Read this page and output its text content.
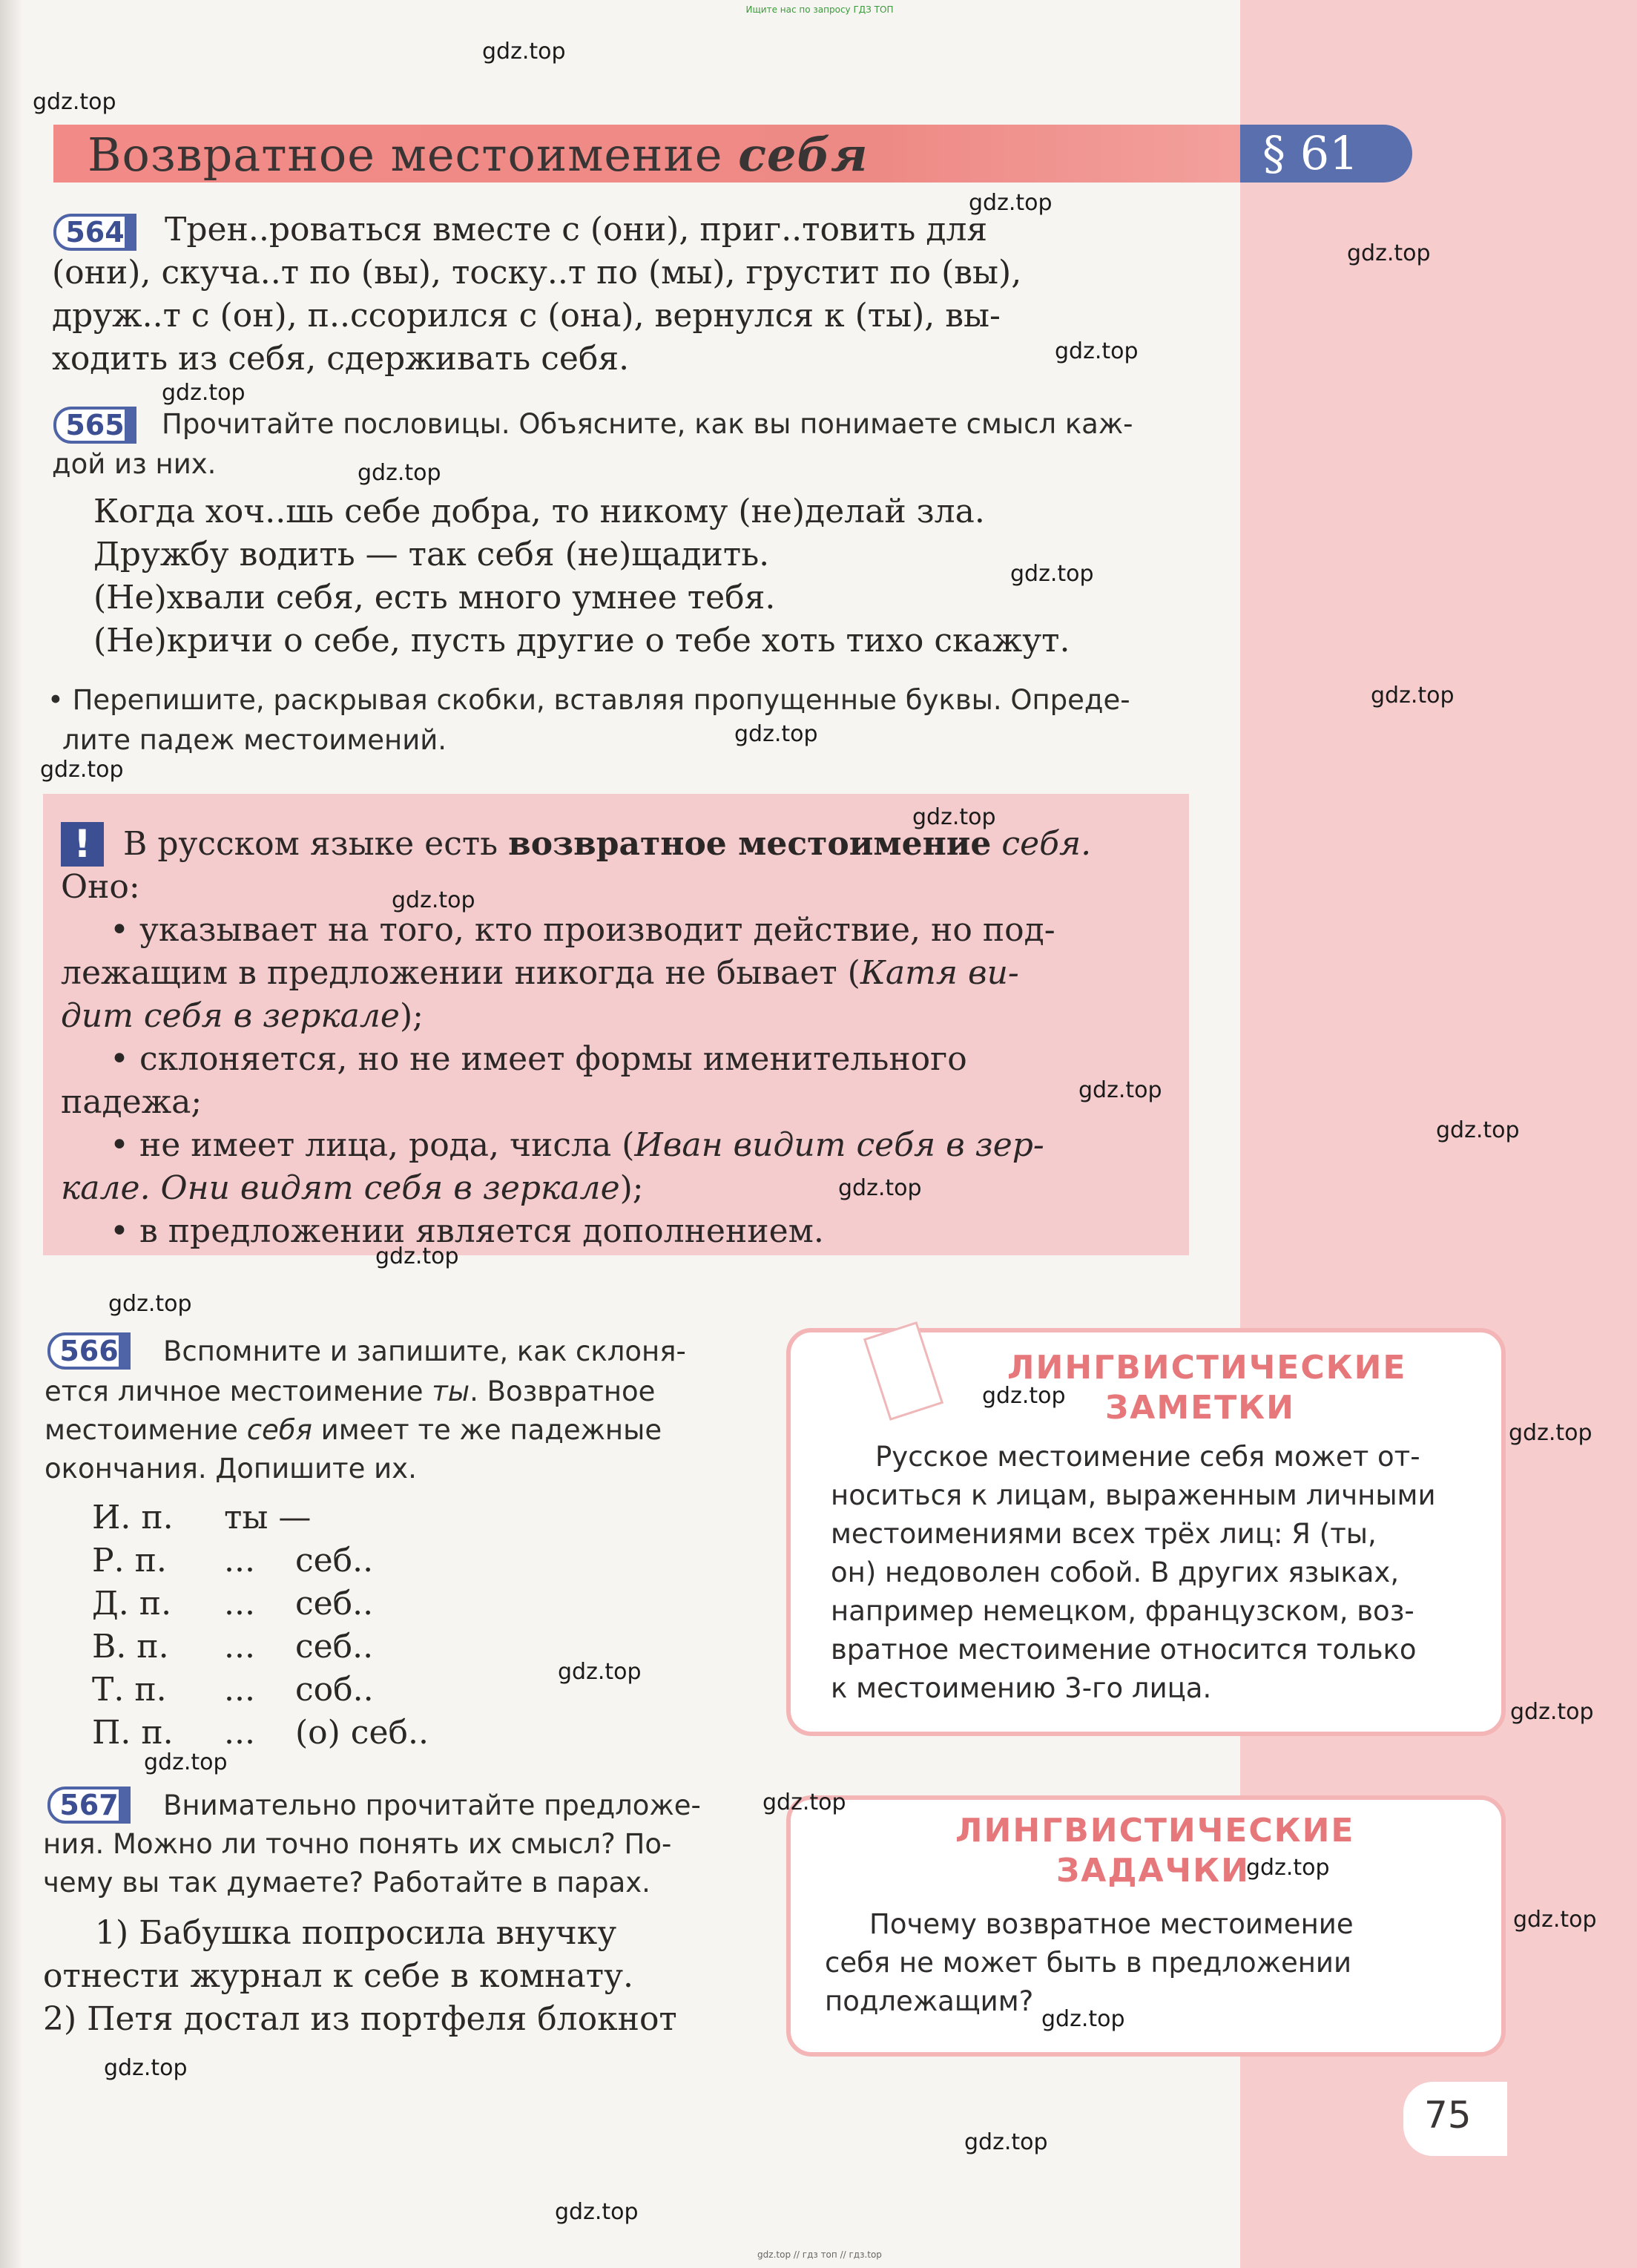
Ищите нас по запросу ГДЗ ТОП
Возвратное местоимение себя	§ 61
564	Трен..роваться вместе с (они), приг..товить для
(они), скуча..т по (вы), тоску..т по (мы), грустит по (вы),
друж..т с (он), п..ссорился с (она), вернулся к (ты), вы-
ходить из себя, сдерживать себя.
565	Прочитайте пословицы. Объясните, как вы понимаете смысл каж-
дой из них.
Когда хоч..шь себе добра, то никому (не)делай зла.
Дружбу водить — так себя (не)щадить.
(Не)хвали себя, есть много умнее тебя.
(Не)кричи о себе, пусть другие о тебе хоть тихо скажут.
• Перепишите, раскрывая скобки, вставляя пропущенные буквы. Опреде-
лите падеж местоимений.
! В русском языке есть возвратное местоимение себя.
Оно:
• указывает на того, кто производит действие, но под-
лежащим в предложении никогда не бывает (Катя ви-
дит себя в зеркале);
• склоняется, но не имеет формы именительного
падежа;
• не имеет лица, рода, числа (Иван видит себя в зер-
кале. Они видят себя в зеркале);
• в предложении является дополнением.
566	Вспомните и запишите, как склоня-
ется личное местоимение ты. Возвратное
местоимение себя имеет те же падежные
окончания. Допишите их.
И. п. ты —
Р. п. ... себ..
Д. п. ... себ..
В. п. ... себ..
Т. п. ... соб..
П. п. ... (о) себ..
567	Внимательно прочитайте предложе-
ния. Можно ли точно понять их смысл? По-
чему вы так думаете? Работайте в парах.
1) Бабушка попросила внучку
отнести журнал к себе в комнату.
2) Петя достал из портфеля блокнот
ЛИНГВИСТИЧЕСКИЕ
ЗАМЕТКИ
Русское местоимение себя может от-
носиться к лицам, выраженным личными
местоимениями всех трёх лиц: Я (ты,
он) недоволен собой. В других языках,
например немецком, французском, воз-
вратное местоимение относится только
к местоимению 3-го лица.
ЛИНГВИСТИЧЕСКИЕ
ЗАДАЧКИ
Почему возвратное местоимение
себя не может быть в предложении
подлежащим?
75
gdz.top
gdz.top
gdz.top
gdz.top
gdz.top
gdz.top
gdz.top
gdz.top
gdz.top
gdz.top
gdz.top
gdz.top
gdz.top
gdz.top
gdz.top
gdz.top
gdz.top
gdz.top
gdz.top
gdz.top
gdz.top
gdz.top
gdz.top
gdz.top
gdz.top
gdz.top
gdz.top
gdz.top
gdz.top
gdz.top
gdz.top // гдз топ // гдз.top
